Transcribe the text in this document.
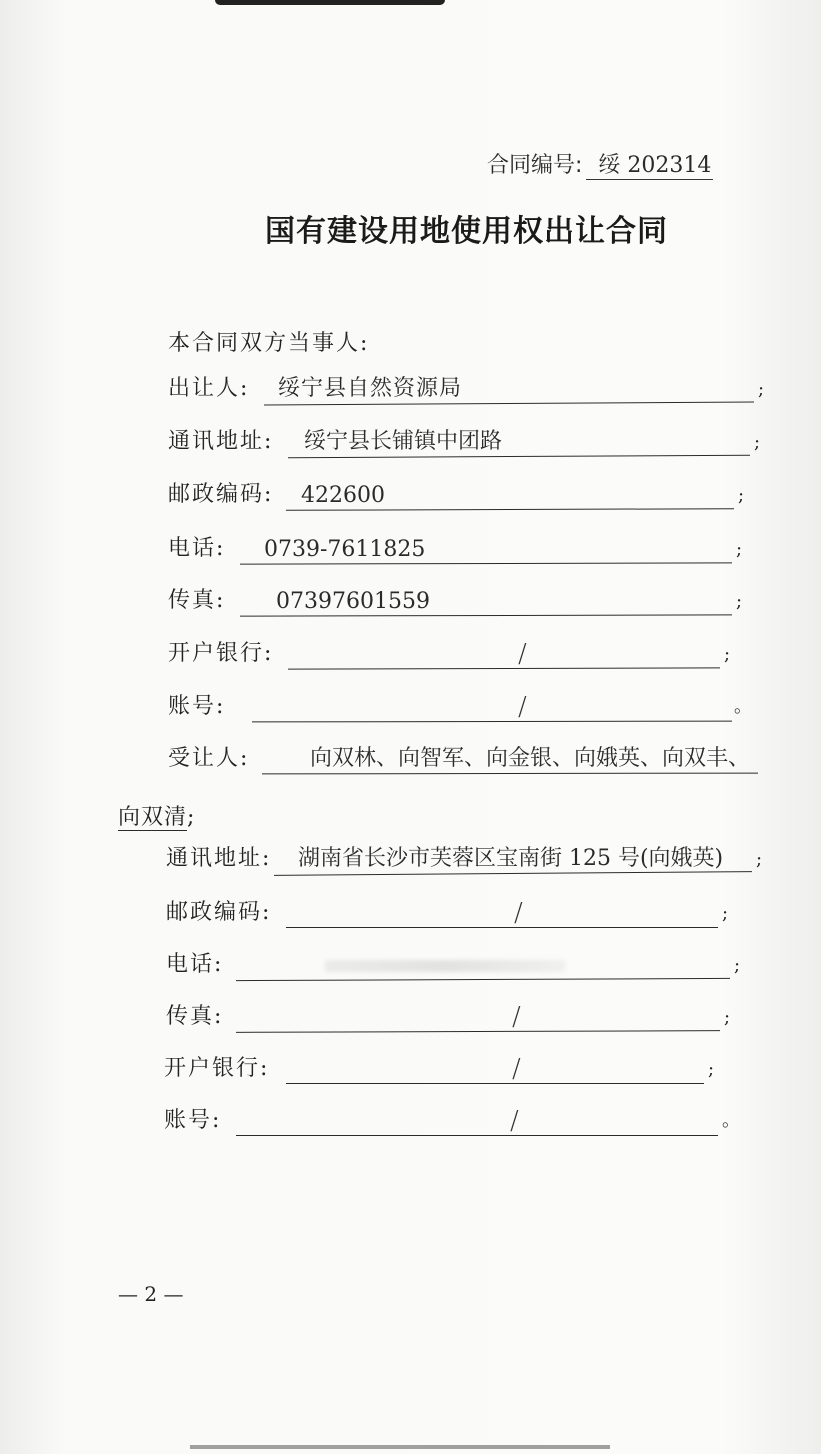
合同编号: 绥 202314
国有建设用地使用权出让合同
本合同双方当事人:
出让人: 绥宁县自然资源局	;
通讯地址: 绥宁县长铺镇中团路	;
邮政编码: 422600	;
电话: 0739-7611825	;
传真: 07397601559	;
开户银行:	/	;
账号:	/	。
受让人:	向双林、向智军、向金银、向娥英、向双丰、
向双清;
通讯地址: 湖南省长沙市芙蓉区宝南街 125 号(向娥英) ;
邮政编码:	/	;
电话:	;
传真:	/	;
开户银行:	/	;
账号:	/	。
— 2 —
